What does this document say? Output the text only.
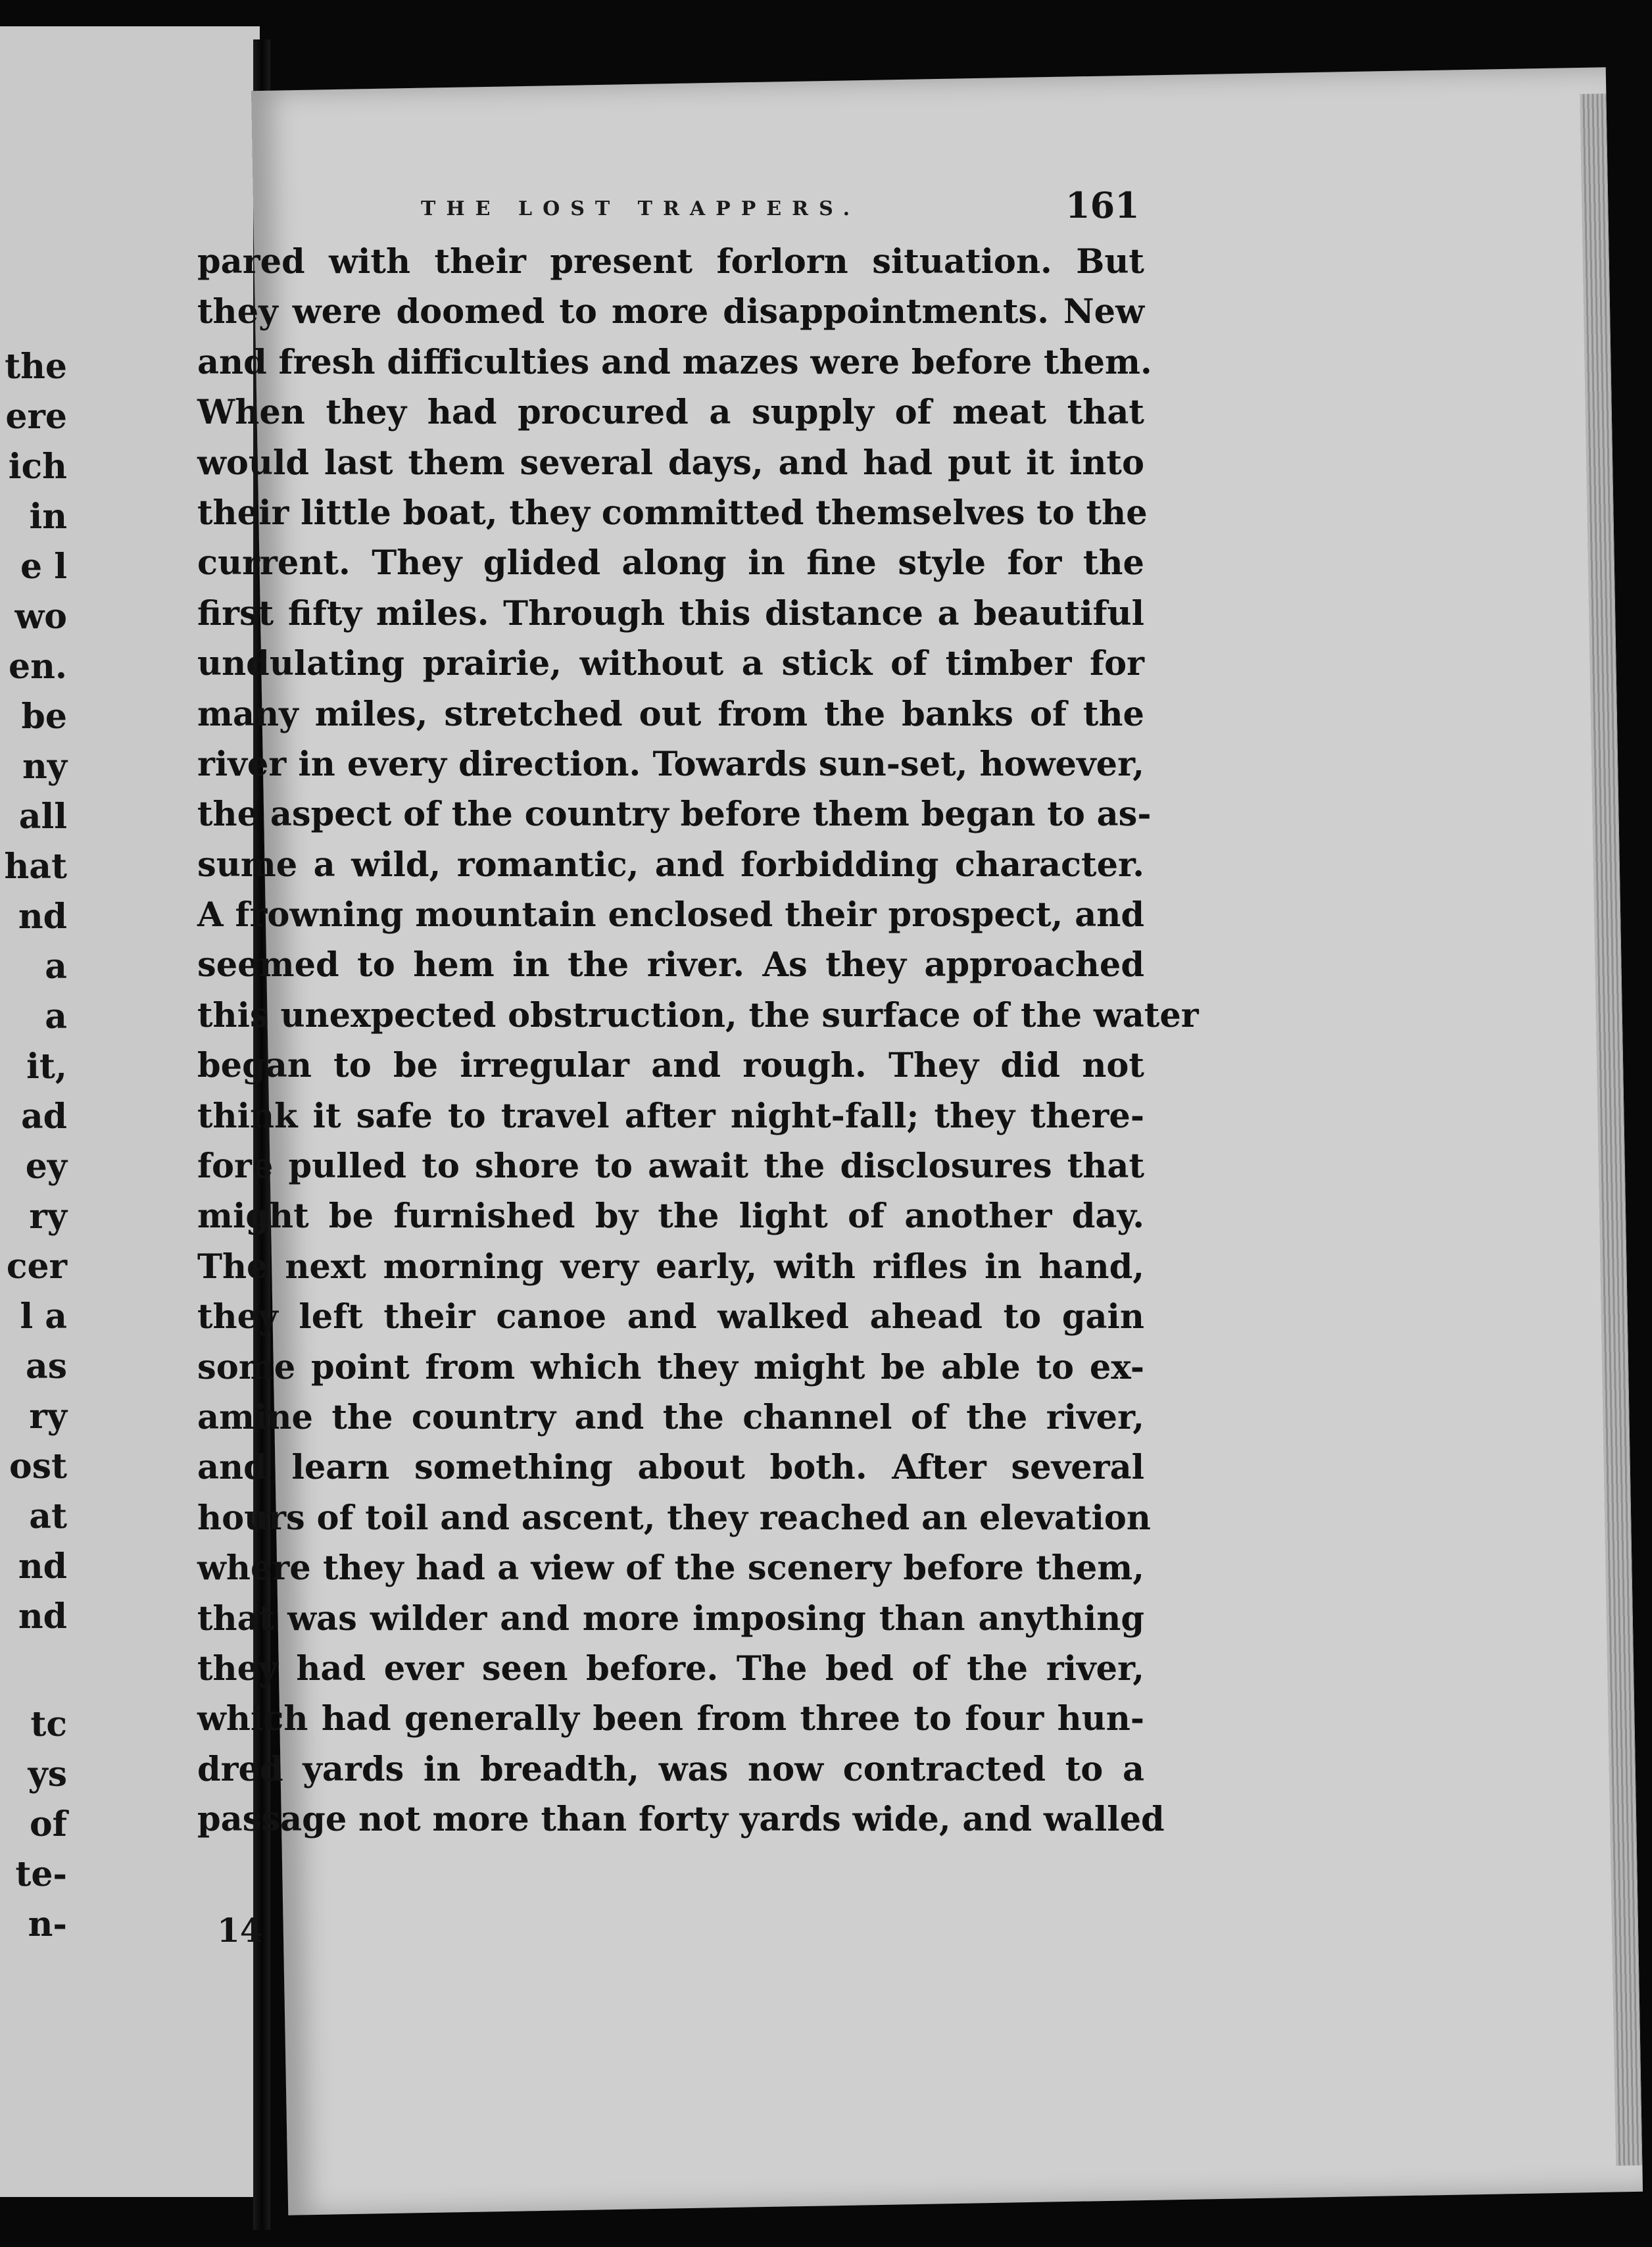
the
ere
ich
in
e l
wo
en.
be
ny
all
hat
nd
a
a
it,
ad
ey
ry
cer
l a
as
ry
ost
at
nd
nd
tc
ys
of
te-
n-
THE LOST TRAPPERS.	161
pared with their present forlorn situation. But
they were doomed to more disappointments. New
and fresh difficulties and mazes were before them.
When they had procured a supply of meat that
would last them several days, and had put it into
their little boat, they committed themselves to the
current. They glided along in fine style for the
first fifty miles. Through this distance a beautiful
undulating prairie, without a stick of timber for
many miles, stretched out from the banks of the
river in every direction. Towards sun-set, however,
the aspect of the country before them began to as-
sume a wild, romantic, and forbidding character.
A frowning mountain enclosed their prospect, and
seemed to hem in the river. As they approached
this unexpected obstruction, the surface of the water
began to be irregular and rough. They did not
think it safe to travel after night-fall; they there-
fore pulled to shore to await the disclosures that
might be furnished by the light of another day.
The next morning very early, with rifles in hand,
they left their canoe and walked ahead to gain
some point from which they might be able to ex-
amine the country and the channel of the river,
and learn something about both. After several
hours of toil and ascent, they reached an elevation
where they had a view of the scenery before them,
that was wilder and more imposing than anything
they had ever seen before. The bed of the river,
which had generally been from three to four hun-
dred yards in breadth, was now contracted to a
passage not more than forty yards wide, and walled
14
